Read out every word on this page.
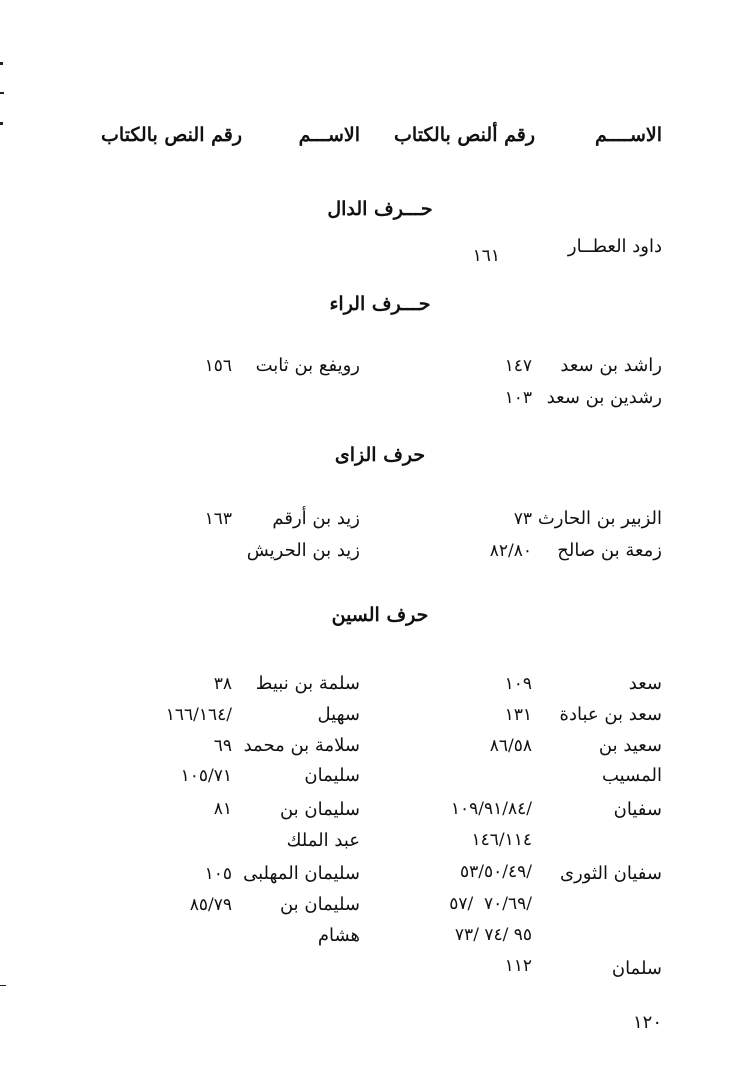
الاســــم
رقم ألنص بالكتاب
الاســـم
رقم النص بالكتاب
حـــرف الدال
داود العطــار
١٦١
حـــرف الراء
راشد بن سعد
١٤٧
رويفع بن ثابت
١٥٦
رشدين بن سعد
١٠٣
حرف الزاى
الزبير بن الحارث
٧٣
زيد بن أرقم
١٦٣
زمعة بن صالح
٨٢/٨٠
زيد بن الحريش
حرف السين
سعد
١٠٩
سلمة بن نبيط
٣٨
سعد بن عبادة
١٣١
سهيل
/١٦٦/١٦٤
سعيد بن
٨٦/٥٨
سلامة بن محمد
٦٩
المسيب
سليمان
١٠٥/٧١
سفيان
/١٠٩/٩١/٨٤
سليمان بن
٨١
١٤٦/١١٤
عبد الملك
سفيان الثورى
/٥٣/٥٠/٤٩
سليمان المهلبى
١٠٥
/٧٠/٦٩  /٥٧
سليمان بن
٨٥/٧٩
٩٥ /٧٤ /٧٣
هشام
سلمان
١١٢
١٢٠
